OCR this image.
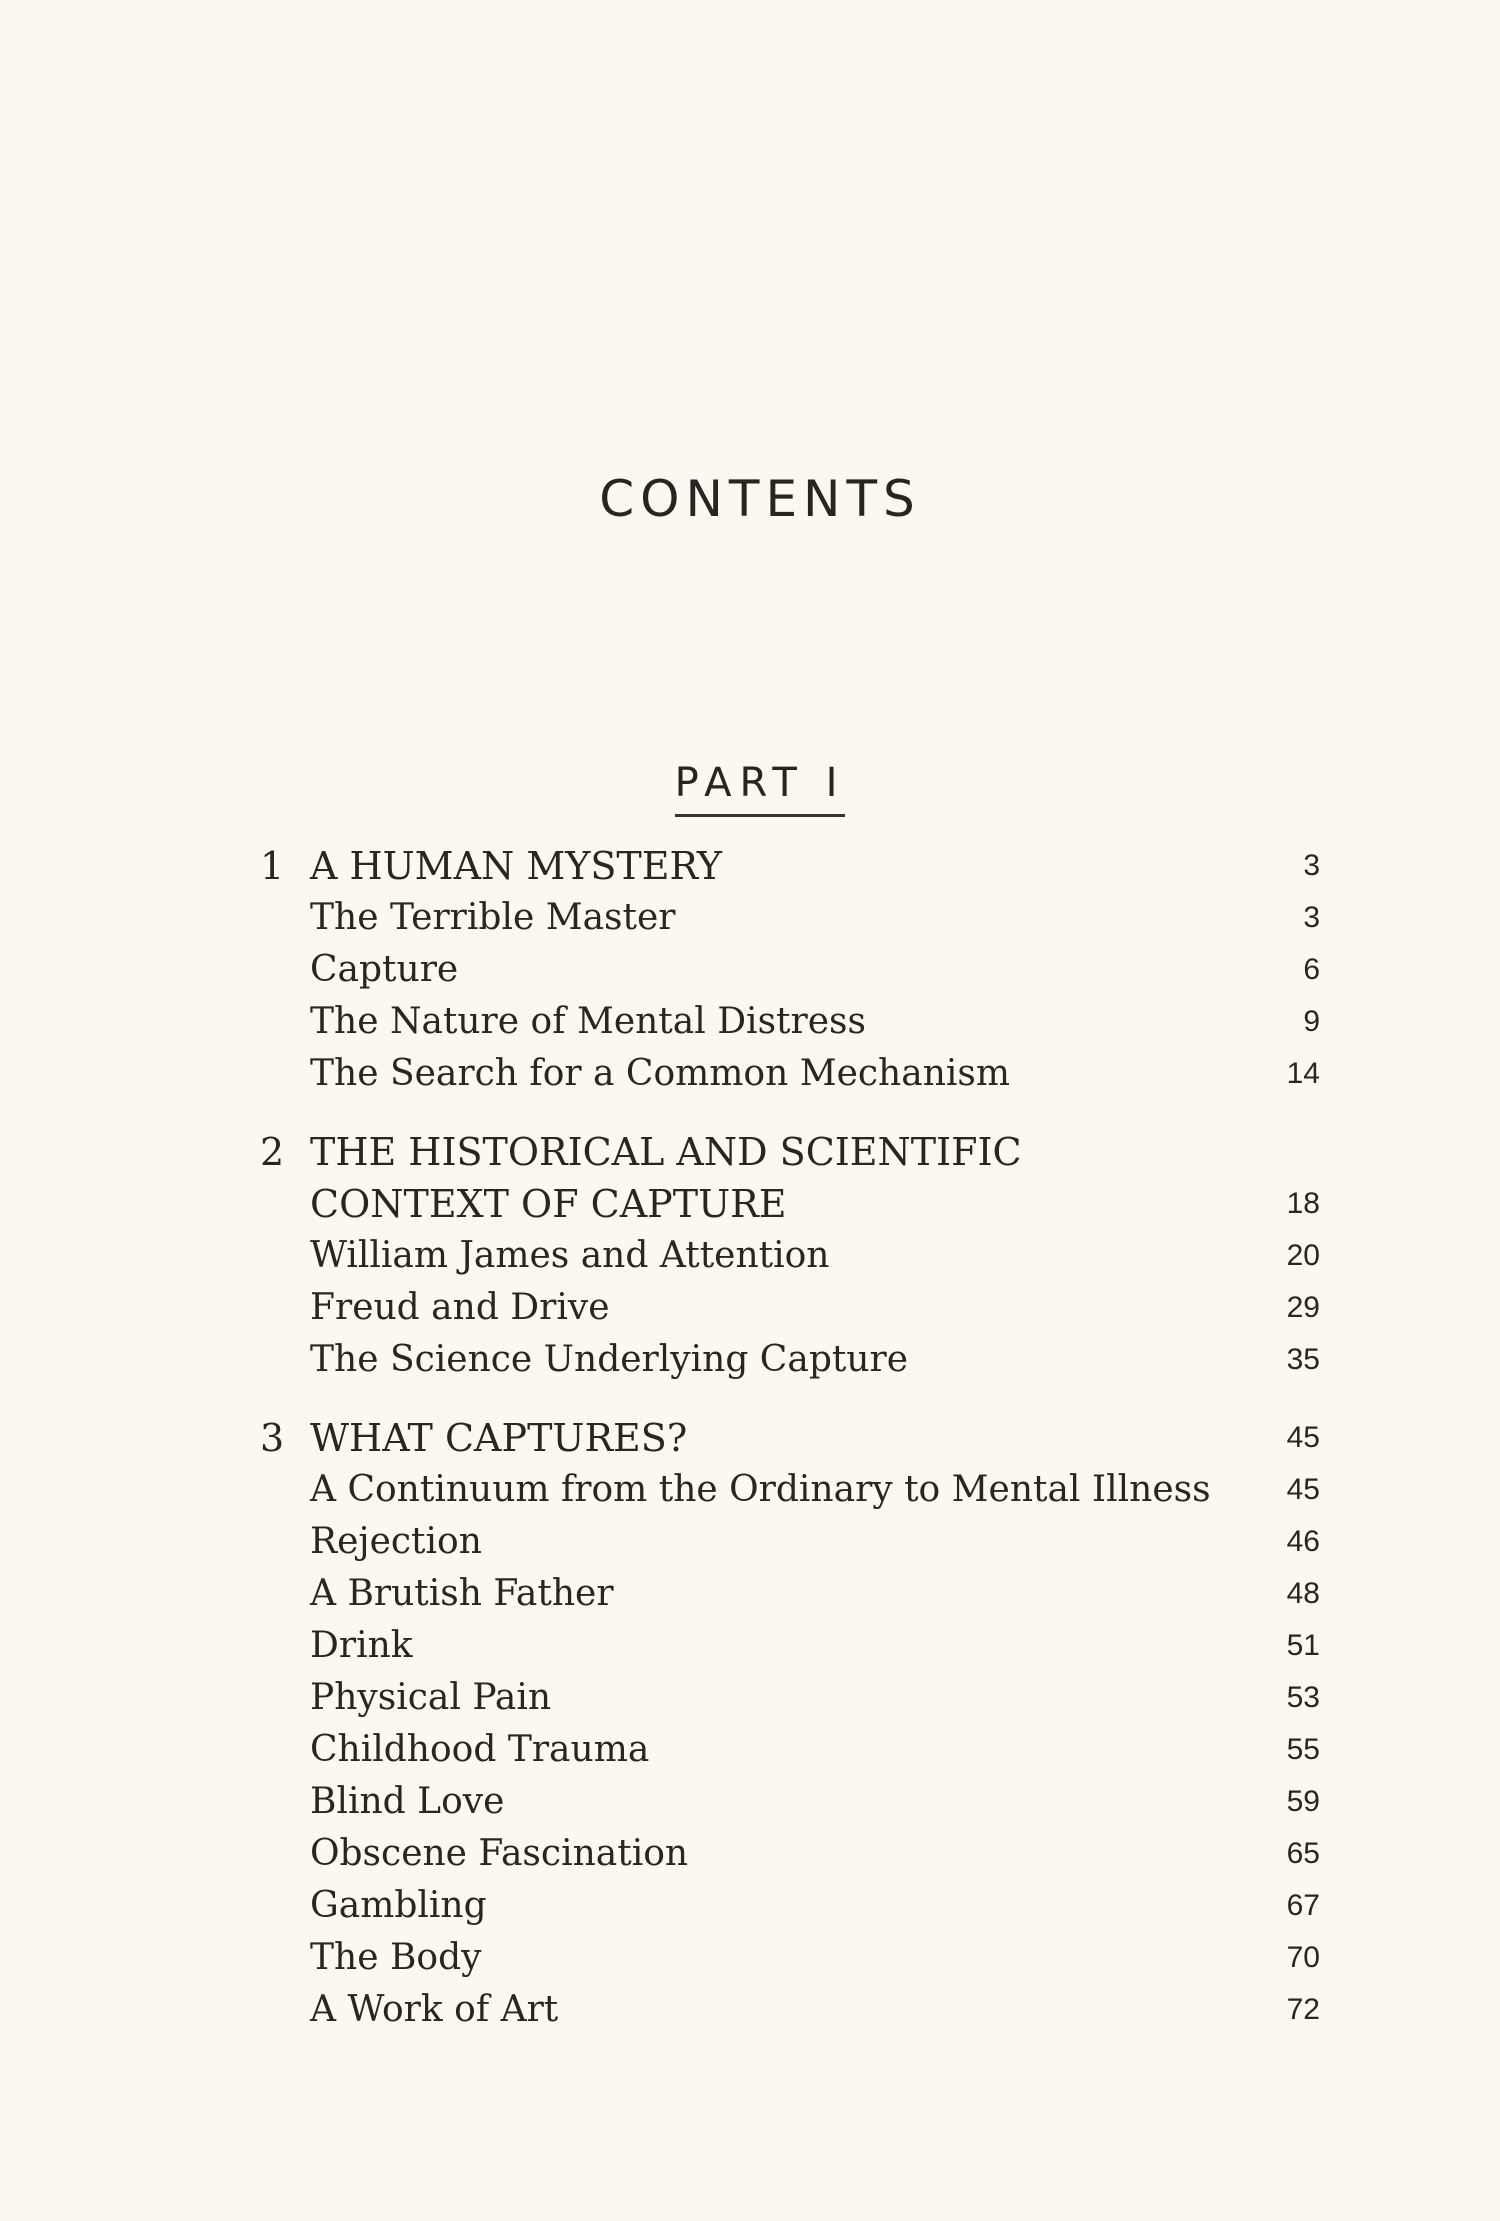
CONTENTS
PART I
1 A HUMAN MYSTERY	3
The Terrible Master	3
Capture	6
The Nature of Mental Distress	9
The Search for a Common Mechanism	14
2 THE HISTORICAL AND SCIENTIFIC
CONTEXT OF CAPTURE	18
William James and Attention	20
Freud and Drive	29
The Science Underlying Capture	35
3 WHAT CAPTURES?	45
A Continuum from the Ordinary to Mental Illness	45
Rejection	46
A Brutish Father	48
Drink	51
Physical Pain	53
Childhood Trauma	55
Blind Love	59
Obscene Fascination	65
Gambling	67
The Body	70
A Work of Art	72
